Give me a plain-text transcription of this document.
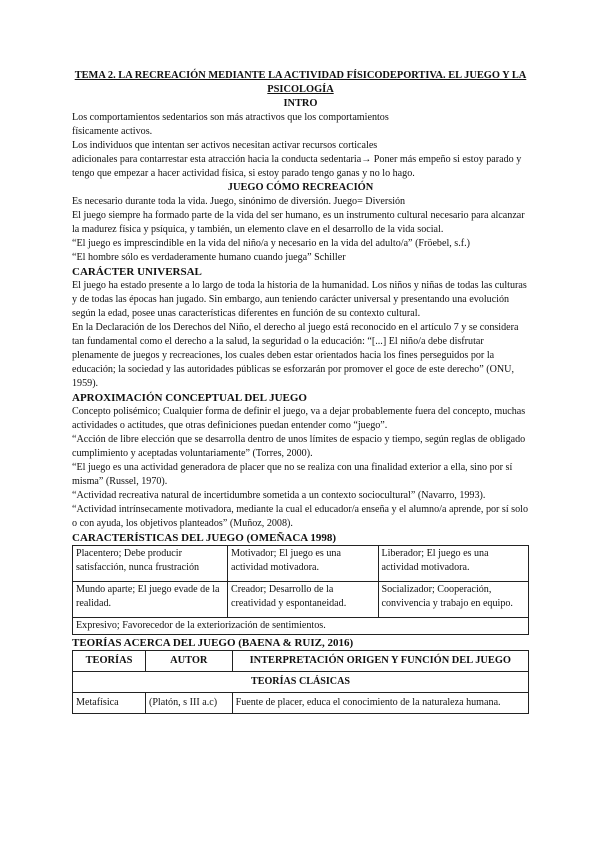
TEMA 2. LA RECREACIÓN MEDIANTE LA ACTIVIDAD FÍSICODEPORTIVA. EL JUEGO Y LA PSICOLOGÍA

INTRO

Los comportamientos sedentarios son más atractivos que los comportamientos

físicamente activos.

Los individuos que intentan ser activos necesitan activar recursos corticales

adicionales para contarrestar esta atracción hacia la conducta sedentaria→ Poner más empeño si estoy parado y tengo que empezar a hacer actividad física, si estoy parado tengo ganas y no lo hago.

JUEGO CÓMO RECREACIÓN

Es necesario durante toda la vida. Juego, sinónimo de diversión. Juego= Diversión

El juego siempre ha formado parte de la vida del ser humano, es un instrumento cultural necesario para alcanzar la madurez física y psíquica, y también, un elemento clave en el desarrollo de la vida social.

“El juego es imprescindible en la vida del niño/a y necesario en la vida del adulto/a” (Fröebel, s.f.)

“El hombre sólo es verdaderamente humano cuando juega” Schiller

CARÁCTER UNIVERSAL

El juego ha estado presente a lo largo de toda la historia de la humanidad. Los niños y niñas de todas las culturas y de todas las épocas han jugado. Sin embargo, aun teniendo carácter universal y presentando una evolución según la edad, posee unas características diferentes en función de su contexto cultural.

En la Declaración de los Derechos del Niño, el derecho al juego está reconocido en el artículo 7 y se considera tan fundamental como el derecho a la salud, la seguridad o la educación: “[...] El niño/a debe disfrutar plenamente de juegos y recreaciones, los cuales deben estar orientados hacia los fines perseguidos por la educación; la sociedad y las autoridades públicas se esforzarán por promover el goce de este derecho” (ONU, 1959).

APROXIMACIÓN CONCEPTUAL DEL JUEGO

Concepto polisémico; Cualquier forma de definir el juego, va a dejar probablemente fuera del concepto, muchas actividades o actitudes, que otras definiciones puedan entender como “juego”.

“Acción de libre elección que se desarrolla dentro de unos límites de espacio y tiempo, según reglas de obligado cumplimiento y aceptadas voluntariamente” (Torres, 2000).

“El juego es una actividad generadora de placer que no se realiza con una finalidad exterior a ella, sino por sí misma” (Russel, 1970).

“Actividad recreativa natural de incertidumbre sometida a un contexto sociocultural” (Navarro, 1993).

“Actividad intrínsecamente motivadora, mediante la cual el educador/a enseña y el alumno/a aprende, por sí solo o con ayuda, los objetivos planteados” (Muñoz, 2008).

CARACTERÍSTICAS DEL JUEGO (OMEÑACA 1998)

Placentero; Debe producir satisfacción, nunca frustración	Motivador; El juego es una actividad motivadora.	Liberador; El juego es una actividad motivadora.
Mundo aparte; El juego evade de la realidad.	Creador; Desarrollo de la creatividad y espontaneidad.	Socializador; Cooperación, convivencia y trabajo en equipo.
Expresivo; Favorecedor de la exteriorización de sentimientos.		

TEORÍAS ACERCA DEL JUEGO (BAENA & RUIZ, 2016)

TEORÍAS	AUTOR	INTERPRETACIÓN ORIGEN Y FUNCIÓN DEL JUEGO
TEORÍAS CLÁSICAS		
Metafísica	(Platón, s III a.c)	Fuente de placer, educa el conocimiento de la naturaleza humana.
